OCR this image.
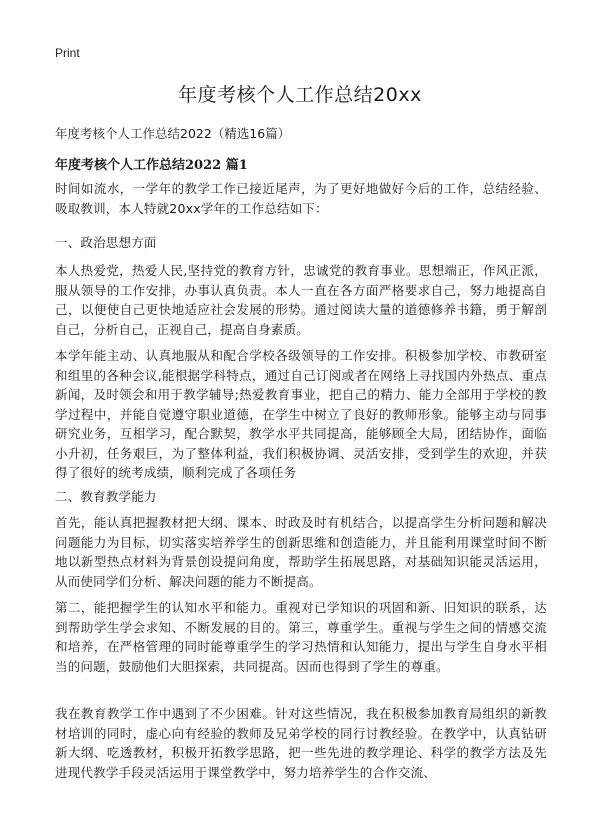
Print
年度考核个人工作总结20xx

年度考核个人工作总结2022（精选16篇）

年度考核个人工作总结2022 篇1

时间如流水，一学年的教学工作已接近尾声，为了更好地做好今后的工作，总结经验、吸取教训，本人特就20xx学年的工作总结如下：

一、政治思想方面

本人热爱党，热爱人民,坚持党的教育方针，忠诚党的教育事业。思想端正，作风正派，服从领导的工作安排，办事认真负责。本人一直在各方面严格要求自己，努力地提高自己，以便使自己更快地适应社会发展的形势。通过阅读大量的道德修养书籍，勇于解剖自己，分析自己，正视自己，提高自身素质。

本学年能主动、认真地服从和配合学校各级领导的工作安排。积极参加学校、市教研室和组里的各种会议,能根据学科特点，通过自己订阅或者在网络上寻找国内外热点、重点新闻，及时领会和用于教学辅导;热爱教育事业，把自己的精力、能力全部用于学校的教学过程中，并能自觉遵守职业道德，在学生中树立了良好的教师形象。能够主动与同事研究业务，互相学习，配合默契，教学水平共同提高，能够顾全大局，团结协作，面临小升初，任务艰巨，为了整体利益，我们积极协调、灵活安排，受到学生的欢迎，并获得了很好的统考成绩，顺利完成了各项任务

二、教育教学能力

首先，能认真把握教材把大纲、课本、时政及时有机结合，以提高学生分析问题和解决问题能力为目标，切实落实培养学生的创新思维和创造能力，并且能利用课堂时间不断地以新型热点材料为背景创设提问角度，帮助学生拓展思路，对基础知识能灵活运用，从而使同学们分析、解决问题的能力不断提高。

第二，能把握学生的认知水平和能力。重视对已学知识的巩固和新、旧知识的联系，达到帮助学生学会求知、不断发展的目的。第三，尊重学生。重视与学生之间的情感交流和培养，在严格管理的同时能尊重学生的学习热情和认知能力，提出与学生自身水平相当的问题，鼓励他们大胆探索，共同提高。因而也得到了学生的尊重。

我在教育教学工作中遇到了不少困难。针对这些情况，我在积极参加教育局组织的新教材培训的同时，虚心向有经验的教师及兄弟学校的同行讨教经验。在教学中，认真钻研新大纲、吃透教材，积极开拓教学思路，把一些先进的教学理论、科学的教学方法及先进现代教学手段灵活运用于课堂教学中，努力培养学生的合作交流、
